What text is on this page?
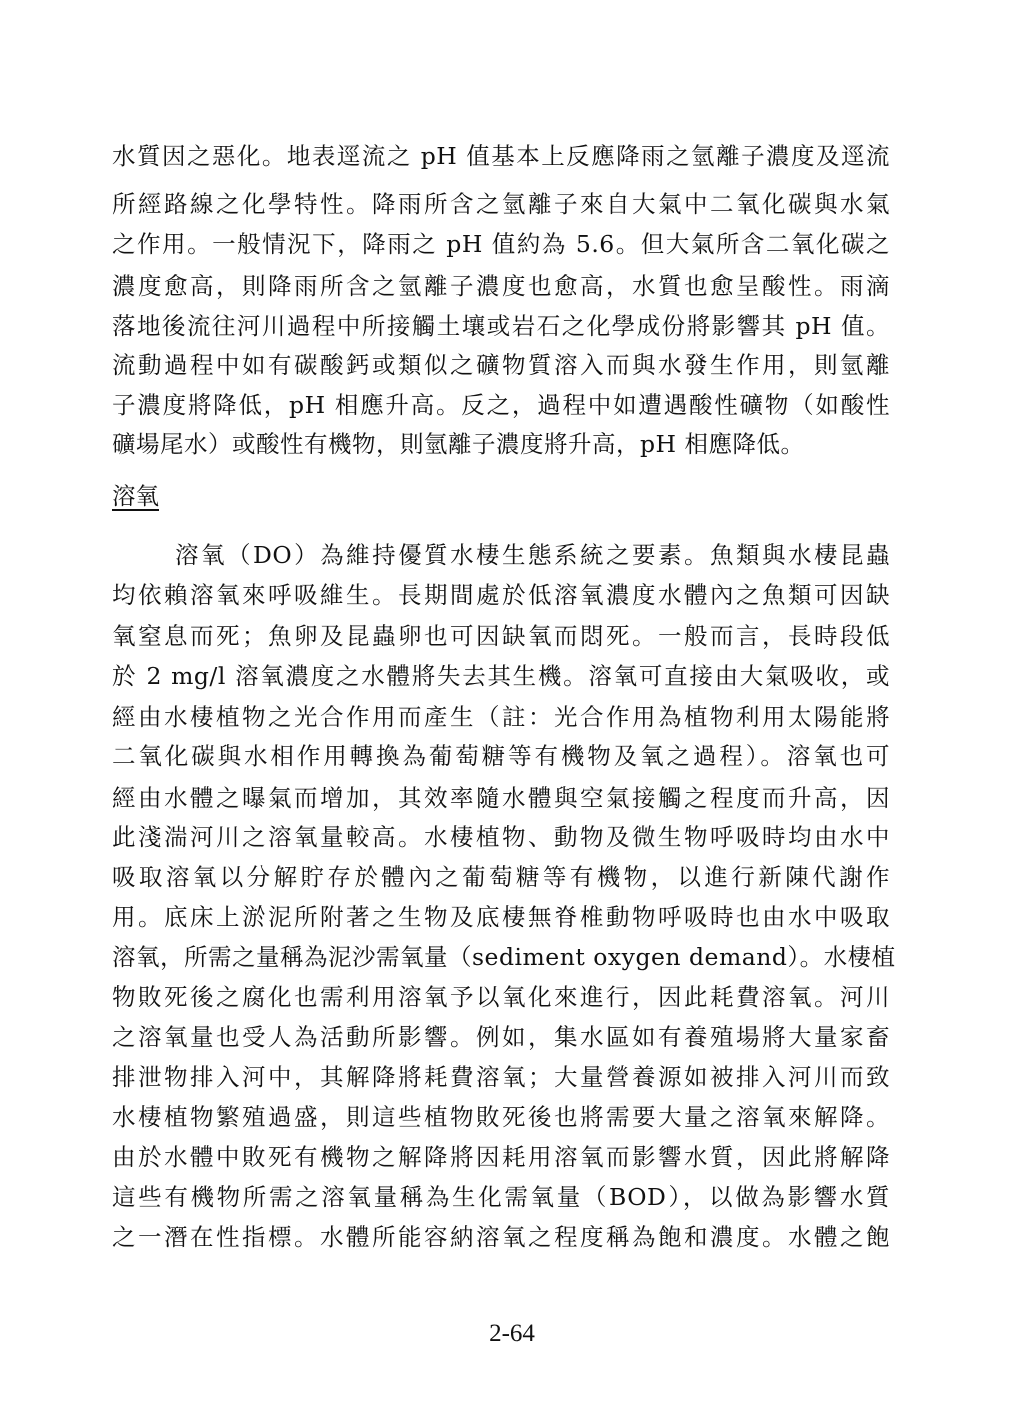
水質因之惡化。地表逕流之 pH 值基本上反應降雨之氫離子濃度及逕流
所經路線之化學特性。降雨所含之氫離子來自大氣中二氧化碳與水氣
之作用。一般情況下，降雨之 pH 值約為 5.6。但大氣所含二氧化碳之
濃度愈高，則降雨所含之氫離子濃度也愈高，水質也愈呈酸性。雨滴
落地後流往河川過程中所接觸土壤或岩石之化學成份將影響其 pH 值。
流動過程中如有碳酸鈣或類似之礦物質溶入而與水發生作用，則氫離
子濃度將降低，pH 相應升高。反之，過程中如遭遇酸性礦物（如酸性
礦場尾水）或酸性有機物，則氫離子濃度將升高，pH 相應降低。
溶氧
溶氧（DO）為維持優質水棲生態系統之要素。魚類與水棲昆蟲
均依賴溶氧來呼吸維生。長期間處於低溶氧濃度水體內之魚類可因缺
氧窒息而死；魚卵及昆蟲卵也可因缺氧而悶死。一般而言，長時段低
於 2 mg/l 溶氧濃度之水體將失去其生機。溶氧可直接由大氣吸收，或
經由水棲植物之光合作用而產生（註：光合作用為植物利用太陽能將
二氧化碳與水相作用轉換為葡萄糖等有機物及氧之過程）。溶氧也可
經由水體之曝氣而增加，其效率隨水體與空氣接觸之程度而升高，因
此淺湍河川之溶氧量較高。水棲植物、動物及微生物呼吸時均由水中
吸取溶氧以分解貯存於體內之葡萄糖等有機物，以進行新陳代謝作
用。底床上淤泥所附著之生物及底棲無脊椎動物呼吸時也由水中吸取
溶氧，所需之量稱為泥沙需氧量（sediment oxygen demand）。水棲植
物敗死後之腐化也需利用溶氧予以氧化來進行，因此耗費溶氧。河川
之溶氧量也受人為活動所影響。例如，集水區如有養殖場將大量家畜
排泄物排入河中，其解降將耗費溶氧；大量營養源如被排入河川而致
水棲植物繁殖過盛，則這些植物敗死後也將需要大量之溶氧來解降。
由於水體中敗死有機物之解降將因耗用溶氧而影響水質，因此將解降
這些有機物所需之溶氧量稱為生化需氧量（BOD），以做為影響水質
之一潛在性指標。水體所能容納溶氧之程度稱為飽和濃度。水體之飽
2-64
